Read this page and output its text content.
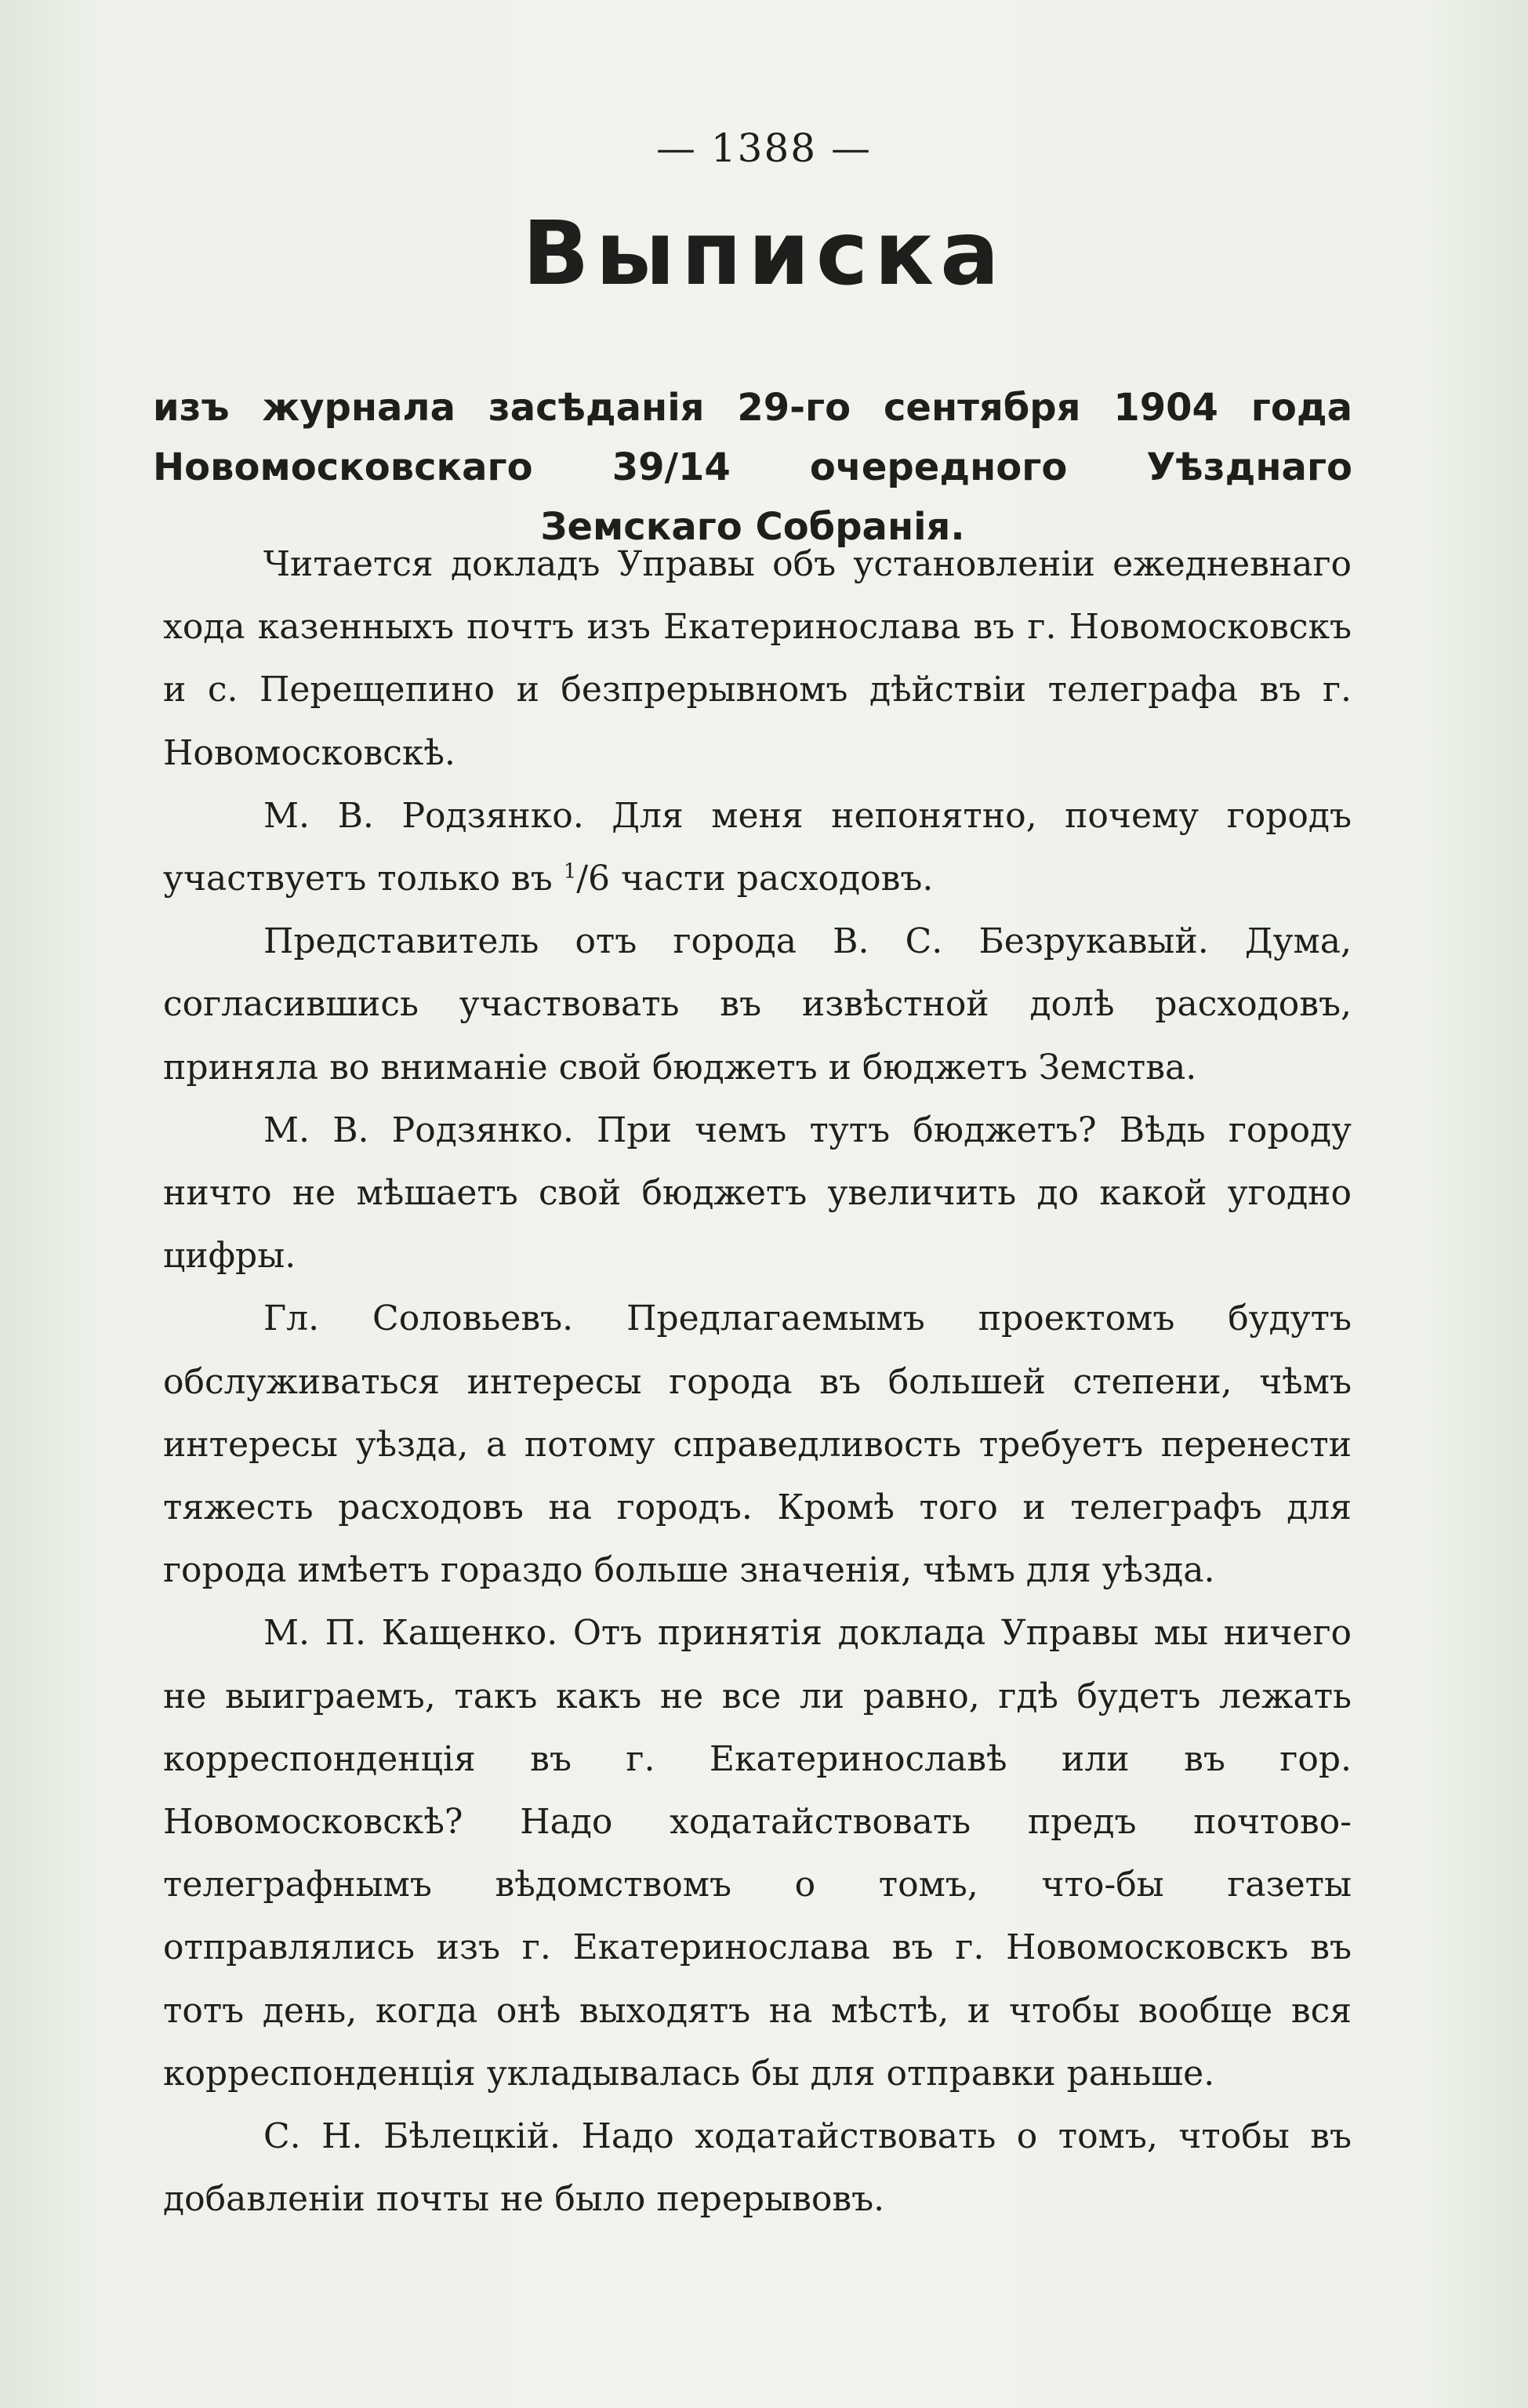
— 1388 —
Выписка
изъ журнала засѣданія 29-го сентября 1904 года Новомосковскаго 39/14 очередного Уѣзднаго Земскаго Собранія.

Читается докладъ Управы объ установленіи ежедневнаго хода казенныхъ почтъ изъ Екатеринослава въ г. Новомосковскъ и с. Перещепино и безпрерывномъ дѣйствіи телеграфа въ г. Новомосковскѣ.

М. В. Родзянко. Для меня непонятно, почему городъ участвуетъ только въ $^1$/6 части расходовъ.

Представитель отъ города В. С. Безрукавый. Дума, согласившись участвовать въ извѣстной долѣ расходовъ, приняла во вниманіе свой бюджетъ и бюджетъ Земства.

М. В. Родзянко. При чемъ тутъ бюджетъ? Вѣдь городу ничто не мѣшаетъ свой бюджетъ увеличить до какой угодно цифры.

Гл. Соловьевъ. Предлагаемымъ проектомъ будутъ обслуживаться интересы города въ большей степени, чѣмъ интересы уѣзда, а потому справедливость требуетъ перенести тяжесть расходовъ на городъ. Кромѣ того и телеграфъ для города имѣетъ гораздо больше значенія, чѣмъ для уѣзда.

М. П. Кащенко. Отъ принятія доклада Управы мы ничего не выиграемъ, такъ какъ не все ли равно, гдѣ будетъ лежать корреспонденція въ г. Екатеринославѣ или въ гор. Новомосковскѣ? Надо ходатайствовать предъ почтово-телеграфнымъ вѣдомствомъ о томъ, что-бы газеты отправлялись изъ г. Екатеринослава въ г. Новомосковскъ въ тотъ день, когда онѣ выходятъ на мѣстѣ, и чтобы вообще вся корреспонденція укладывалась бы для отправки раньше.

С. Н. Бѣлецкій. Надо ходатайствовать о томъ, чтобы въ добавленіи почты не было перерывовъ.
